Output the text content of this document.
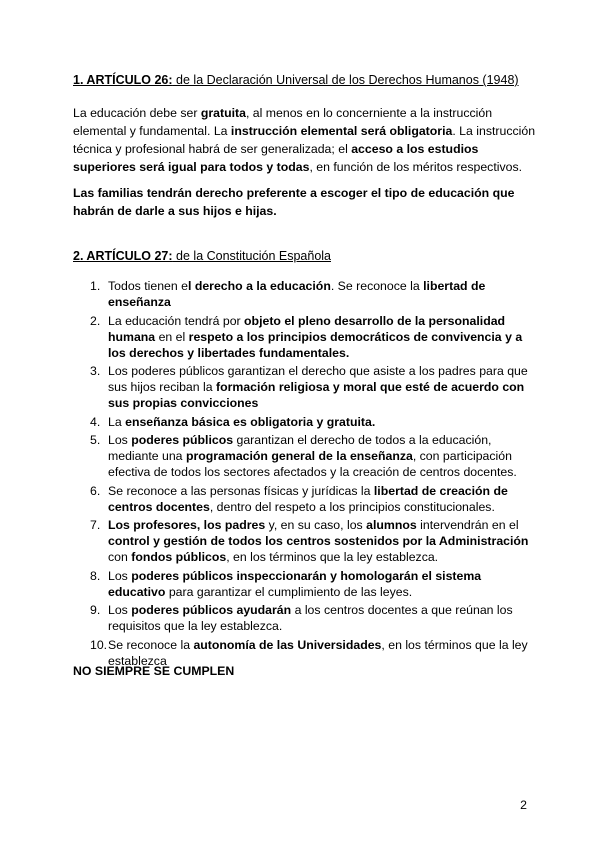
1. ARTÍCULO 26: de la Declaración Universal de los Derechos Humanos (1948)
La educación debe ser gratuita, al menos en lo concerniente a la instrucción elemental y fundamental. La instrucción elemental será obligatoria. La instrucción técnica y profesional habrá de ser generalizada; el acceso a los estudios superiores será igual para todos y todas, en función de los méritos respectivos.
Las familias tendrán derecho preferente a escoger el tipo de educación que habrán de darle a sus hijos e hijas.
2. ARTÍCULO 27: de la Constitución Española
1. Todos tienen el derecho a la educación. Se reconoce la libertad de enseñanza
2. La educación tendrá por objeto el pleno desarrollo de la personalidad humana en el respeto a los principios democráticos de convivencia y a los derechos y libertades fundamentales.
3. Los poderes públicos garantizan el derecho que asiste a los padres para que sus hijos reciban la formación religiosa y moral que esté de acuerdo con sus propias convicciones
4. La enseñanza básica es obligatoria y gratuita.
5. Los poderes públicos garantizan el derecho de todos a la educación, mediante una programación general de la enseñanza, con participación efectiva de todos los sectores afectados y la creación de centros docentes.
6. Se reconoce a las personas físicas y jurídicas la libertad de creación de centros docentes, dentro del respeto a los principios constitucionales.
7. Los profesores, los padres y, en su caso, los alumnos intervendrán en el control y gestión de todos los centros sostenidos por la Administración con fondos públicos, en los términos que la ley establezca.
8. Los poderes públicos inspeccionarán y homologarán el sistema educativo para garantizar el cumplimiento de las leyes.
9. Los poderes públicos ayudarán a los centros docentes a que reúnan los requisitos que la ley establezca.
10. Se reconoce la autonomía de las Universidades, en los términos que la ley establezca
NO SIEMPRE SE CUMPLEN
2
